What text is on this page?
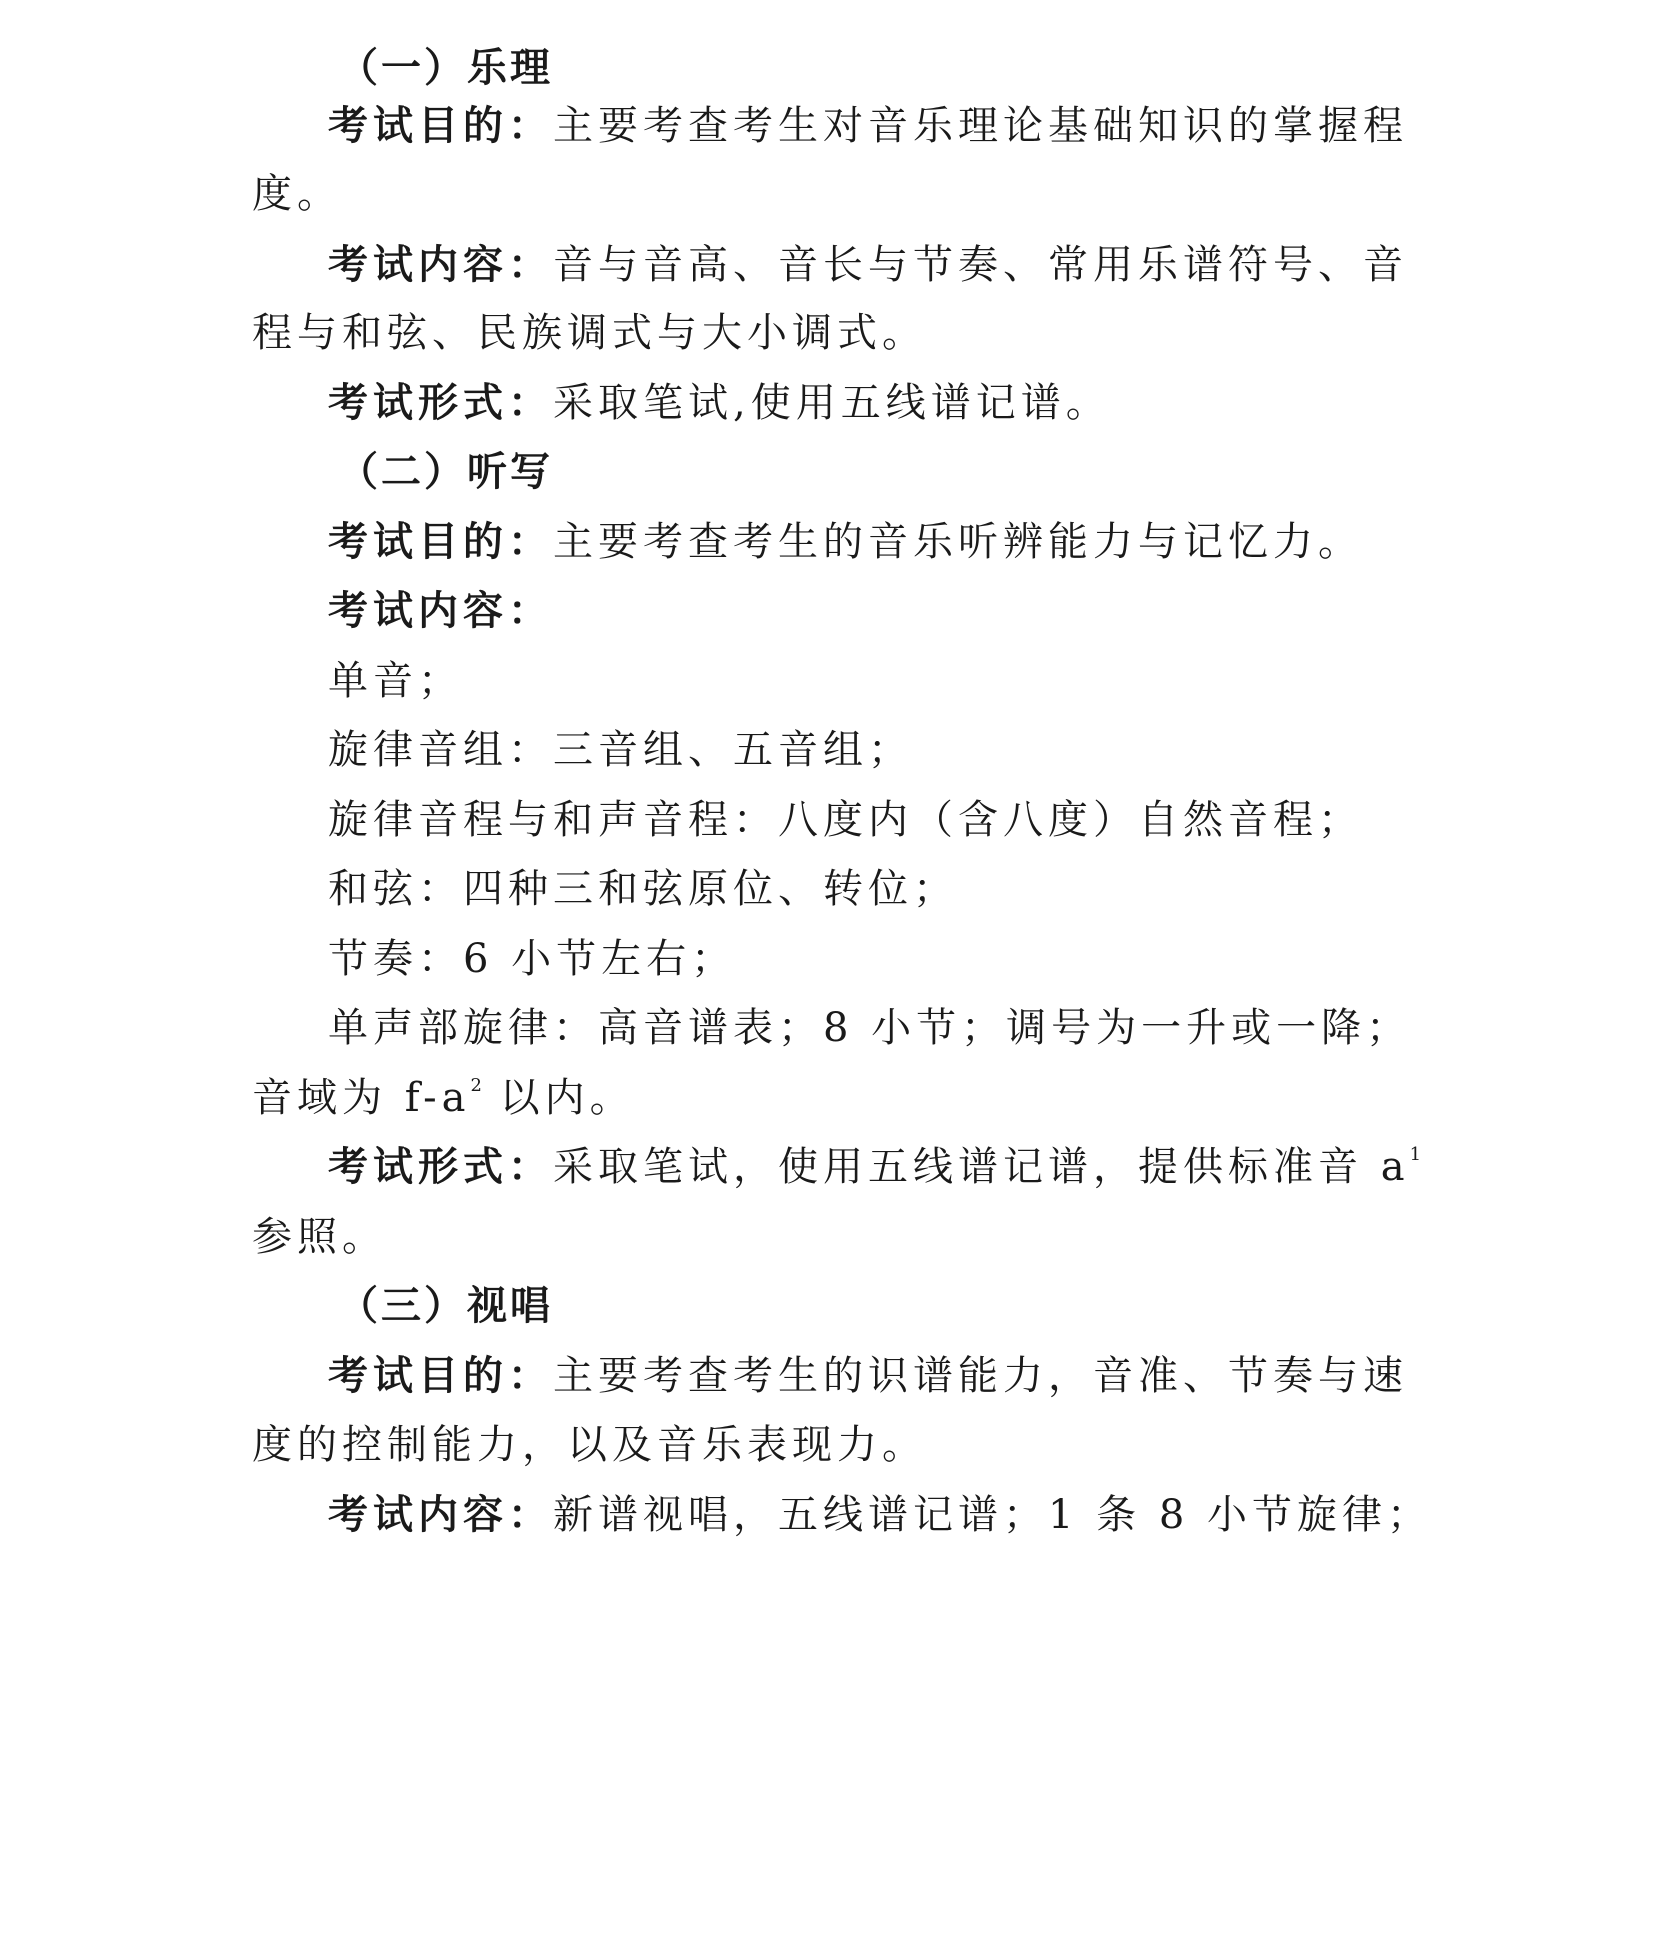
（一）乐理
考试目的：主要考查考生对音乐理论基础知识的掌握程
度。
考试内容：音与音高、音长与节奏、常用乐谱符号、音
程与和弦、民族调式与大小调式。
考试形式：采取笔试,使用五线谱记谱。
（二）听写
考试目的：主要考查考生的音乐听辨能力与记忆力。
考试内容：
单音；
旋律音组：三音组、五音组；
旋律音程与和声音程：八度内（含八度）自然音程；
和弦：四种三和弦原位、转位；
节奏：6 小节左右；
单声部旋律：高音谱表；8 小节；调号为一升或一降；
音域为 $f-a^2$ 以内。
考试形式：采取笔试，使用五线谱记谱，提供标准音 $a^1$
参照。
（三）视唱
考试目的：主要考查考生的识谱能力，音准、节奏与速
度的控制能力，以及音乐表现力。
考试内容：新谱视唱，五线谱记谱；1 条 8 小节旋律；
